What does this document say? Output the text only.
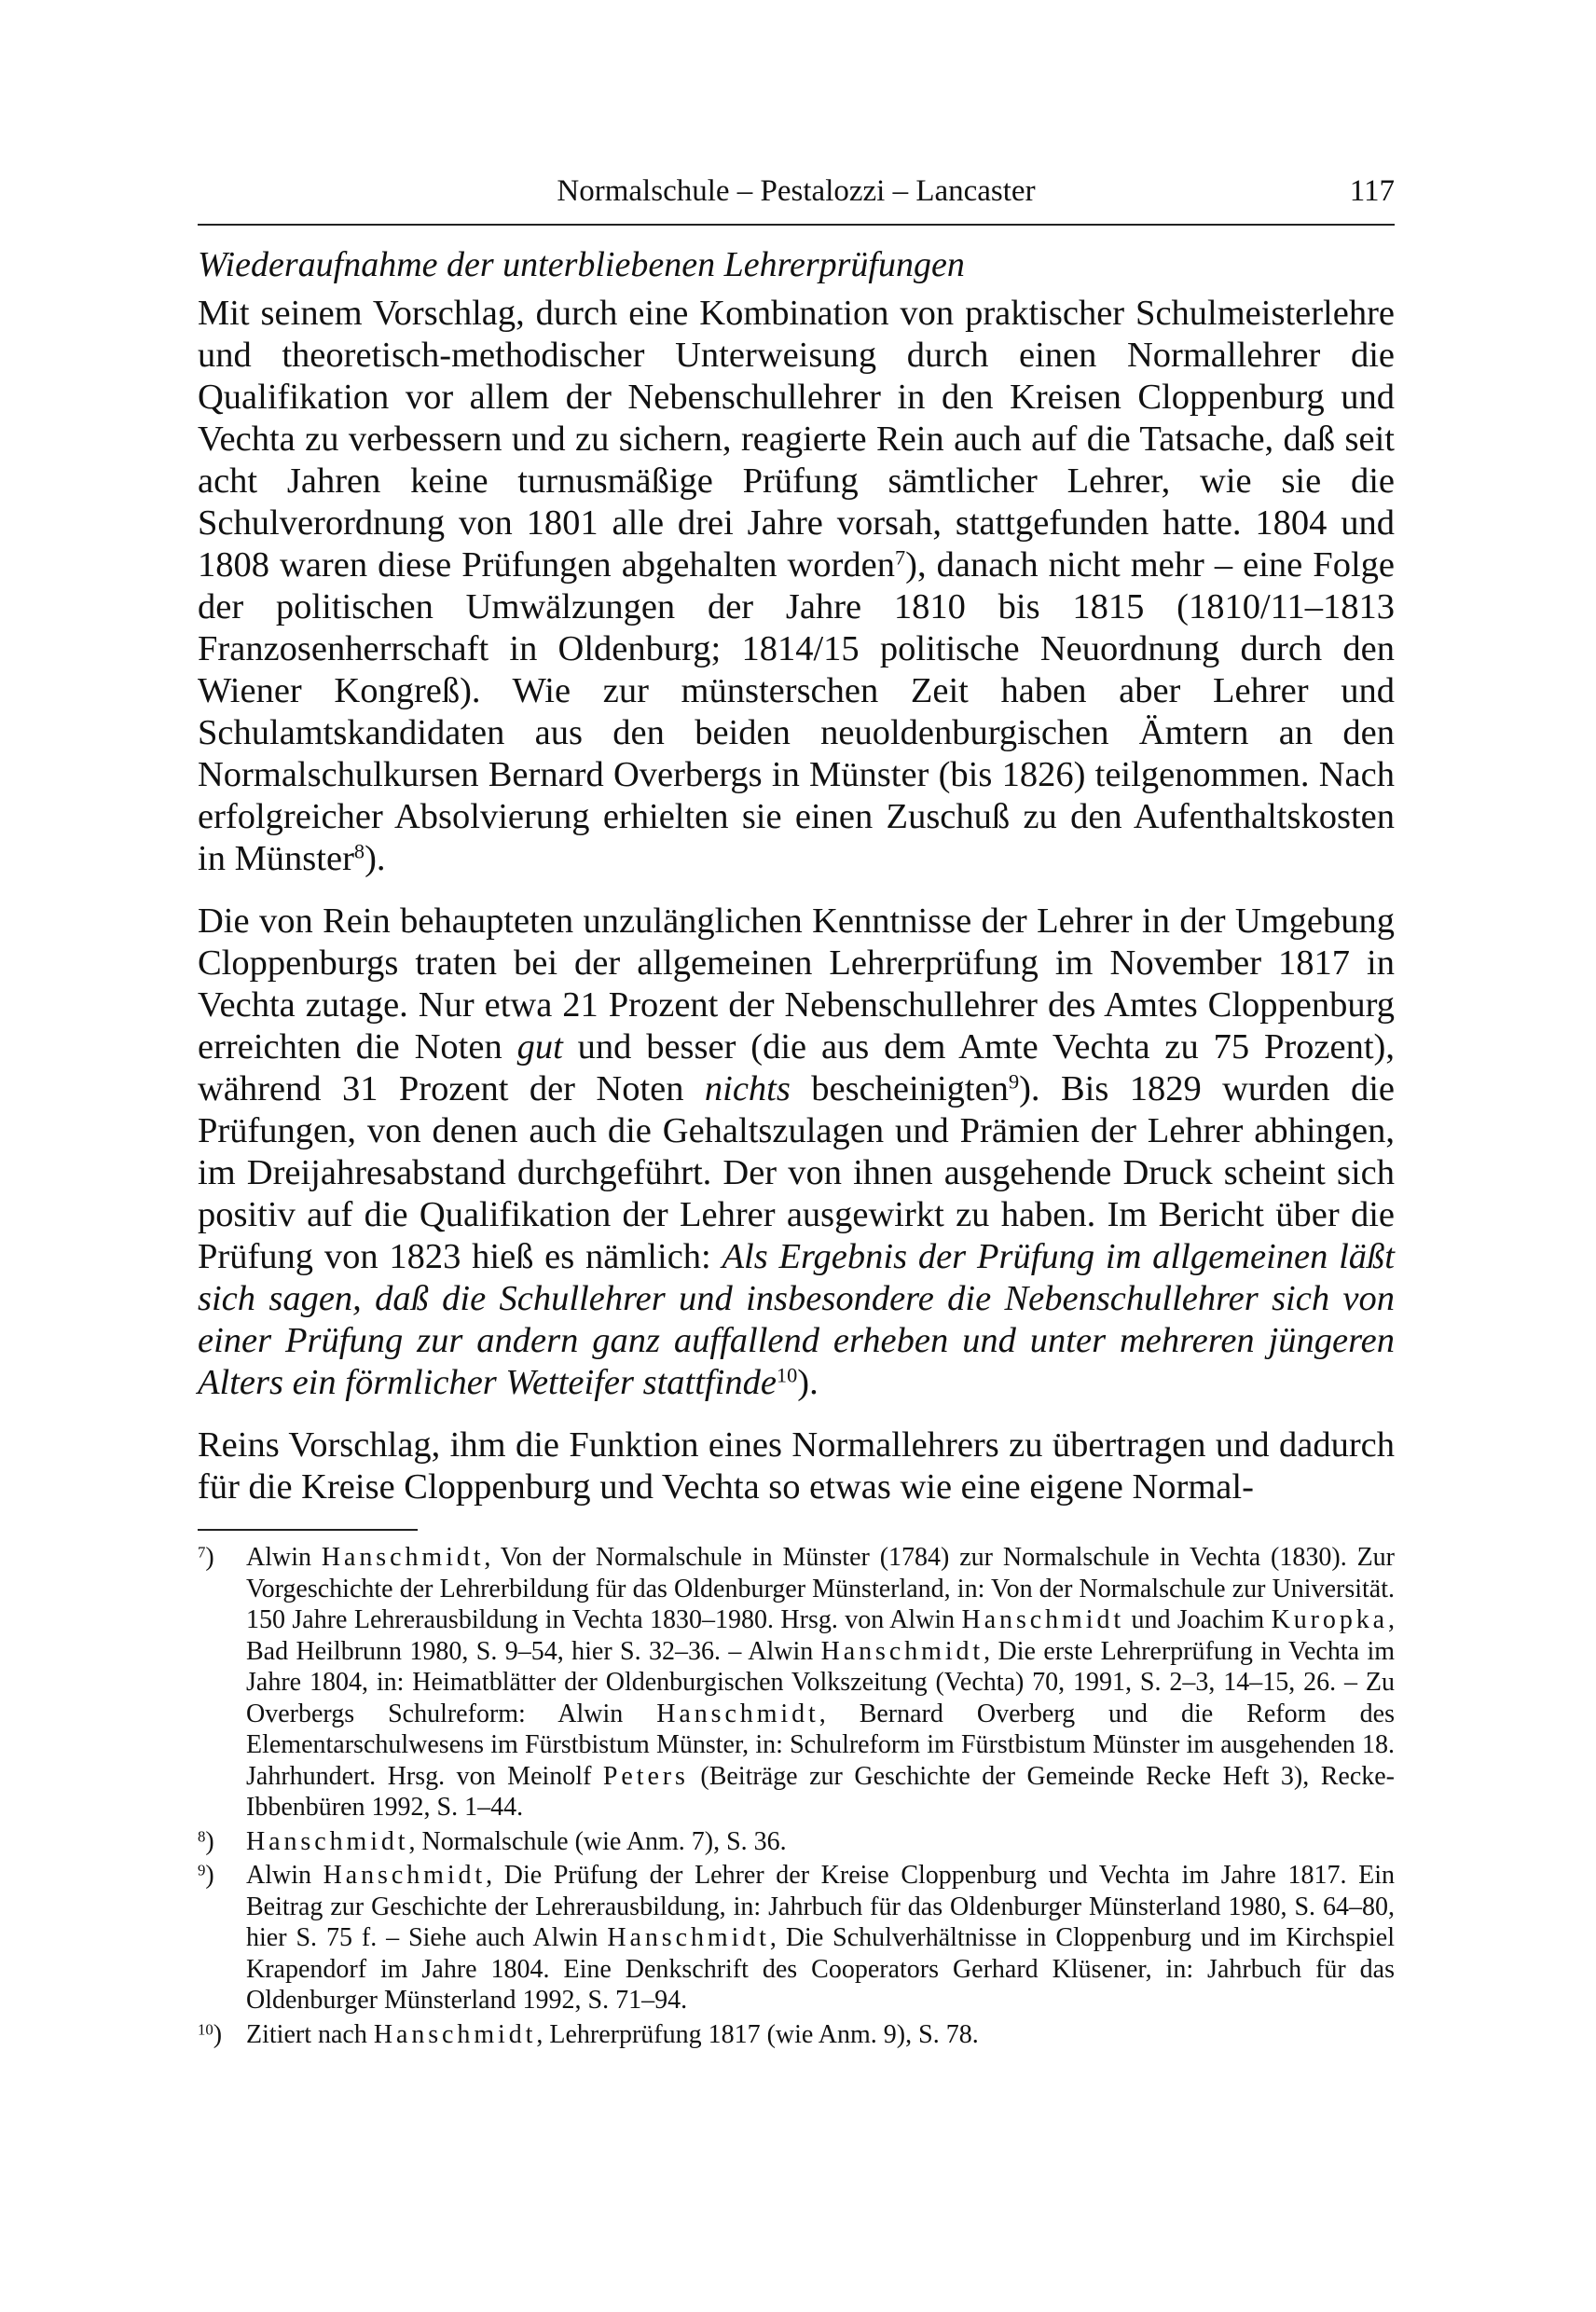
Normalschule – Pestalozzi – Lancaster	117
Wiederaufnahme der unterbliebenen Lehrerprüfungen

Mit seinem Vorschlag, durch eine Kombination von praktischer Schulmeisterlehre und theoretisch-methodischer Unterweisung durch einen Normallehrer die Qualifikation vor allem der Nebenschullehrer in den Kreisen Cloppenburg und Vechta zu verbessern und zu sichern, reagierte Rein auch auf die Tatsache, daß seit acht Jahren keine turnusmäßige Prüfung sämtlicher Lehrer, wie sie die Schulverordnung von 1801 alle drei Jahre vorsah, stattgefunden hatte. 1804 und 1808 waren diese Prüfungen abgehalten worden$^7$), danach nicht mehr – eine Folge der politischen Umwälzungen der Jahre 1810 bis 1815 (1810/11–1813 Franzosenherrschaft in Oldenburg; 1814/15 politische Neuordnung durch den Wiener Kongreß). Wie zur münsterschen Zeit haben aber Lehrer und Schulamtskandidaten aus den beiden neuoldenburgischen Ämtern an den Normalschulkursen Bernard Overbergs in Münster (bis 1826) teilgenommen. Nach erfolgreicher Absolvierung erhielten sie einen Zuschuß zu den Aufenthaltskosten in Münster$^8$).

Die von Rein behaupteten unzulänglichen Kenntnisse der Lehrer in der Umgebung Cloppenburgs traten bei der allgemeinen Lehrerprüfung im November 1817 in Vechta zutage. Nur etwa 21 Prozent der Nebenschullehrer des Amtes Cloppenburg erreichten die Noten gut und besser (die aus dem Amte Vechta zu 75 Prozent), während 31 Prozent der Noten nichts bescheinigten$^9$). Bis 1829 wurden die Prüfungen, von denen auch die Gehaltszulagen und Prämien der Lehrer abhingen, im Dreijahresabstand durchgeführt. Der von ihnen ausgehende Druck scheint sich positiv auf die Qualifikation der Lehrer ausgewirkt zu haben. Im Bericht über die Prüfung von 1823 hieß es nämlich: Als Ergebnis der Prüfung im allgemeinen läßt sich sagen, daß die Schullehrer und insbesondere die Nebenschullehrer sich von einer Prüfung zur andern ganz auffallend erheben und unter mehreren jüngeren Alters ein förmlicher Wetteifer stattfinde$^{10}$).

Reins Vorschlag, ihm die Funktion eines Normallehrers zu übertragen und dadurch für die Kreise Cloppenburg und Vechta so etwas wie eine eigene Normal-

$^7$) Alwin Hanschmidt, Von der Normalschule in Münster (1784) zur Normalschule in Vechta (1830). Zur Vorgeschichte der Lehrerbildung für das Oldenburger Münsterland, in: Von der Normalschule zur Universität. 150 Jahre Lehrerausbildung in Vechta 1830–1980. Hrsg. von Alwin Hanschmidt und Joachim Kuropka, Bad Heilbrunn 1980, S. 9–54, hier S. 32–36. – Alwin Hanschmidt, Die erste Lehrerprüfung in Vechta im Jahre 1804, in: Heimatblätter der Oldenburgischen Volkszeitung (Vechta) 70, 1991, S. 2–3, 14–15, 26. – Zu Overbergs Schulreform: Alwin Hanschmidt, Bernard Overberg und die Reform des Elementarschulwesens im Fürstbistum Münster, in: Schulreform im Fürstbistum Münster im ausgehenden 18. Jahrhundert. Hrsg. von Meinolf Peters (Beiträge zur Geschichte der Gemeinde Recke Heft 3), Recke-Ibbenbüren 1992, S. 1–44.
$^8$) Hanschmidt, Normalschule (wie Anm. 7), S. 36.
$^9$) Alwin Hanschmidt, Die Prüfung der Lehrer der Kreise Cloppenburg und Vechta im Jahre 1817. Ein Beitrag zur Geschichte der Lehrerausbildung, in: Jahrbuch für das Oldenburger Münsterland 1980, S. 64–80, hier S. 75 f. – Siehe auch Alwin Hanschmidt, Die Schulverhältnisse in Cloppenburg und im Kirchspiel Krapendorf im Jahre 1804. Eine Denkschrift des Cooperators Gerhard Klüsener, in: Jahrbuch für das Oldenburger Münsterland 1992, S. 71–94.
$^{10}$) Zitiert nach Hanschmidt, Lehrerprüfung 1817 (wie Anm. 9), S. 78.
